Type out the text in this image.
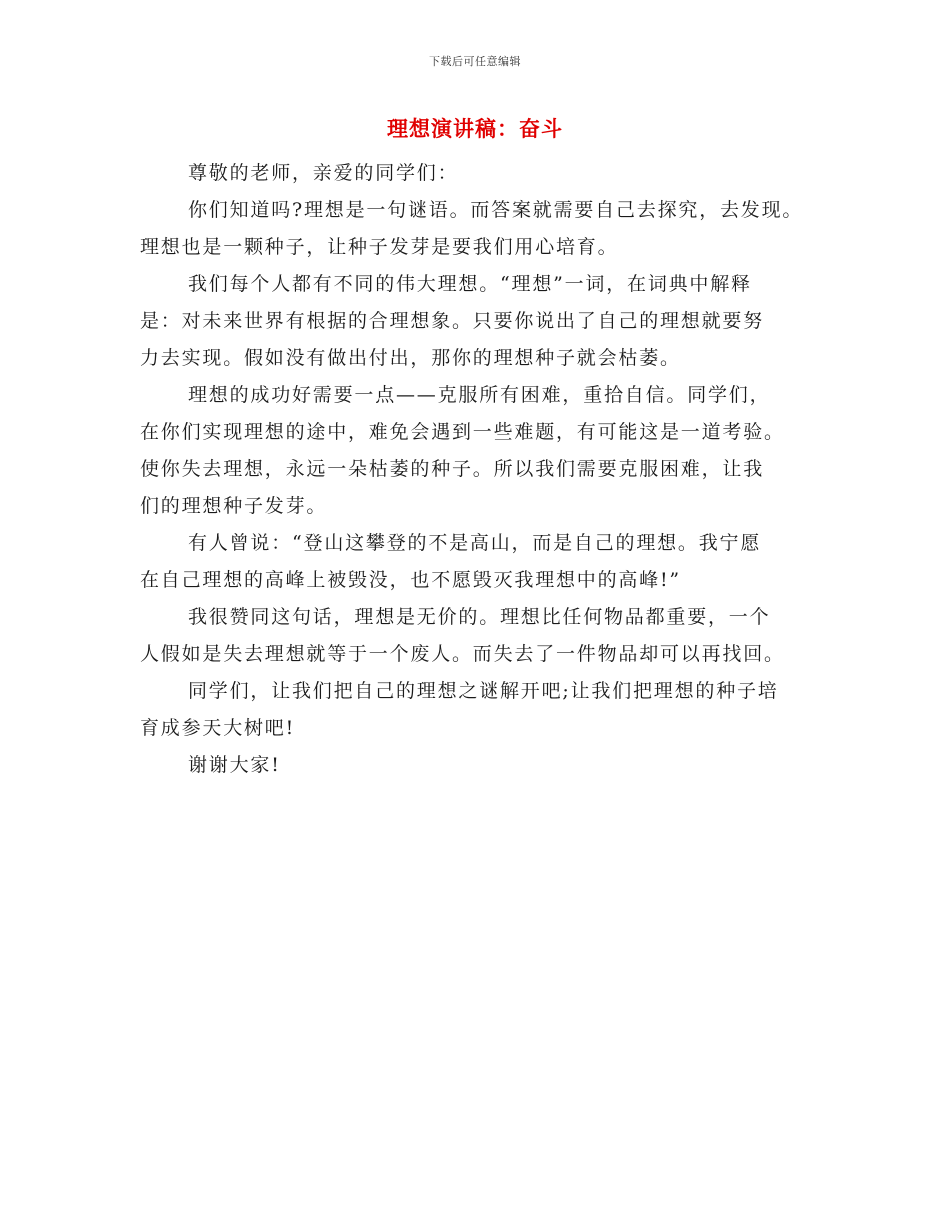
下载后可任意编辑
理想演讲稿：奋斗
尊敬的老师，亲爱的同学们：
你们知道吗?理想是一句谜语。而答案就需要自己去探究，去发现。
理想也是一颗种子，让种子发芽是要我们用心培育。
我们每个人都有不同的伟大理想。“理想”一词，在词典中解释
是：对未来世界有根据的合理想象。只要你说出了自己的理想就要努
力去实现。假如没有做出付出，那你的理想种子就会枯萎。
理想的成功好需要一点——克服所有困难，重拾自信。同学们，
在你们实现理想的途中，难免会遇到一些难题，有可能这是一道考验。
使你失去理想，永远一朵枯萎的种子。所以我们需要克服困难，让我
们的理想种子发芽。
有人曾说：“登山这攀登的不是高山，而是自己的理想。我宁愿
在自己理想的高峰上被毁没，也不愿毁灭我理想中的高峰!”
我很赞同这句话，理想是无价的。理想比任何物品都重要，一个
人假如是失去理想就等于一个废人。而失去了一件物品却可以再找回。
同学们，让我们把自己的理想之谜解开吧;让我们把理想的种子培
育成参天大树吧!
谢谢大家!
